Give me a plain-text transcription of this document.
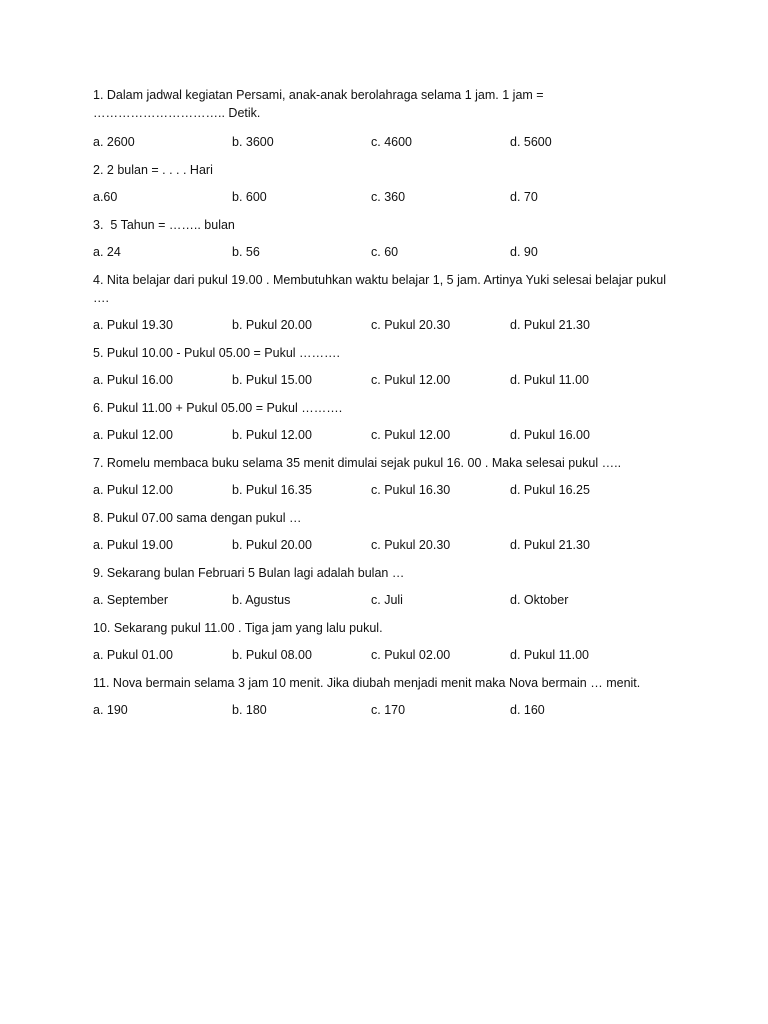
1. Dalam jadwal kegiatan Persami, anak-anak berolahraga selama 1 jam. 1 jam = ………………………….. Detik.

a. 2600	b. 3600	c. 4600	d. 5600

2. 2 bulan = . . . . Hari

a.60	b. 600	c. 360	d. 70

3.  5 Tahun = …….. bulan

a. 24	b. 56	c. 60	d. 90

4. Nita belajar dari pukul 19.00 . Membutuhkan waktu belajar 1, 5 jam. Artinya Yuki selesai belajar pukul ….

a. Pukul 19.30	b. Pukul 20.00	c. Pukul 20.30	d. Pukul 21.30

5. Pukul 10.00 - Pukul 05.00 = Pukul ……….

a. Pukul 16.00	b. Pukul 15.00	c. Pukul 12.00	d. Pukul 11.00

6. Pukul 11.00 + Pukul 05.00 = Pukul ……….

a. Pukul 12.00	b. Pukul 12.00	c. Pukul 12.00	d. Pukul 16.00

7. Romelu membaca buku selama 35 menit dimulai sejak pukul 16. 00 . Maka selesai pukul …..

a. Pukul 12.00	b. Pukul 16.35	c. Pukul 16.30	d. Pukul 16.25

8. Pukul 07.00 sama dengan pukul …

a. Pukul 19.00	b. Pukul 20.00	c. Pukul 20.30	d. Pukul 21.30

9. Sekarang bulan Februari 5 Bulan lagi adalah bulan …

a. September	b. Agustus	c. Juli	d. Oktober

10. Sekarang pukul 11.00 . Tiga jam yang lalu pukul.

a. Pukul 01.00	b. Pukul 08.00	c. Pukul 02.00	d. Pukul 11.00

11. Nova bermain selama 3 jam 10 menit. Jika diubah menjadi menit maka Nova bermain … menit.

a. 190	b. 180	c. 170	d. 160
